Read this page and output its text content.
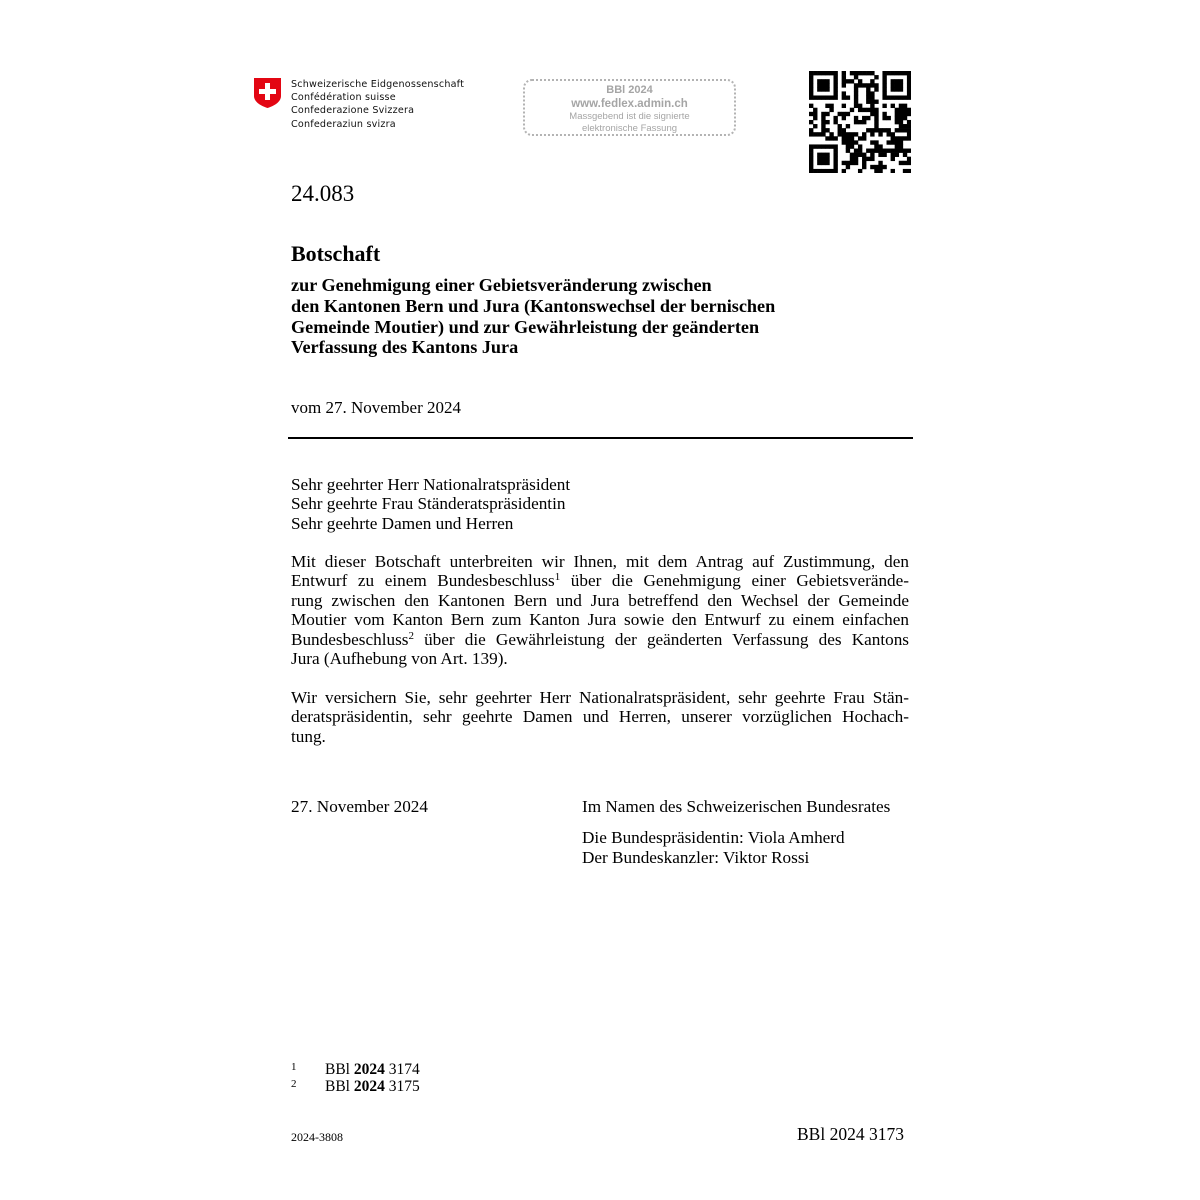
Schweizerische Eidgenossenschaft
Confédération suisse
Confederazione Svizzera
Confederaziun svizra
BBl 2024
www.fedlex.admin.ch
Massgebend ist die signierte
elektronische Fassung
24.083
Botschaft
zur Genehmigung einer Gebietsveränderung zwischen
den Kantonen Bern und Jura (Kantonswechsel der bernischen
Gemeinde Moutier) und zur Gewährleistung der geänderten
Verfassung des Kantons Jura
vom 27. November 2024
Sehr geehrter Herr Nationalratspräsident
Sehr geehrte Frau Ständeratspräsidentin
Sehr geehrte Damen und Herren
Mit dieser Botschaft unterbreiten wir Ihnen, mit dem Antrag auf Zustimmung, den
Entwurf zu einem Bundesbeschluss$^1$ über die Genehmigung einer Gebietsverände-
rung zwischen den Kantonen Bern und Jura betreffend den Wechsel der Gemeinde
Moutier vom Kanton Bern zum Kanton Jura sowie den Entwurf zu einem einfachen
Bundesbeschluss$^2$ über die Gewährleistung der geänderten Verfassung des Kantons
Jura (Aufhebung von Art. 139).
Wir versichern Sie, sehr geehrter Herr Nationalratspräsident, sehr geehrte Frau Stän-
deratspräsidentin, sehr geehrte Damen und Herren, unserer vorzüglichen Hochach-
tung.
27. November 2024	Im Namen des Schweizerischen Bundesrates
Die Bundespräsidentin: Viola Amherd
Der Bundeskanzler: Viktor Rossi
1 BBl 2024 3174
2 BBl 2024 3175
2024-3808	BBl 2024 3173
